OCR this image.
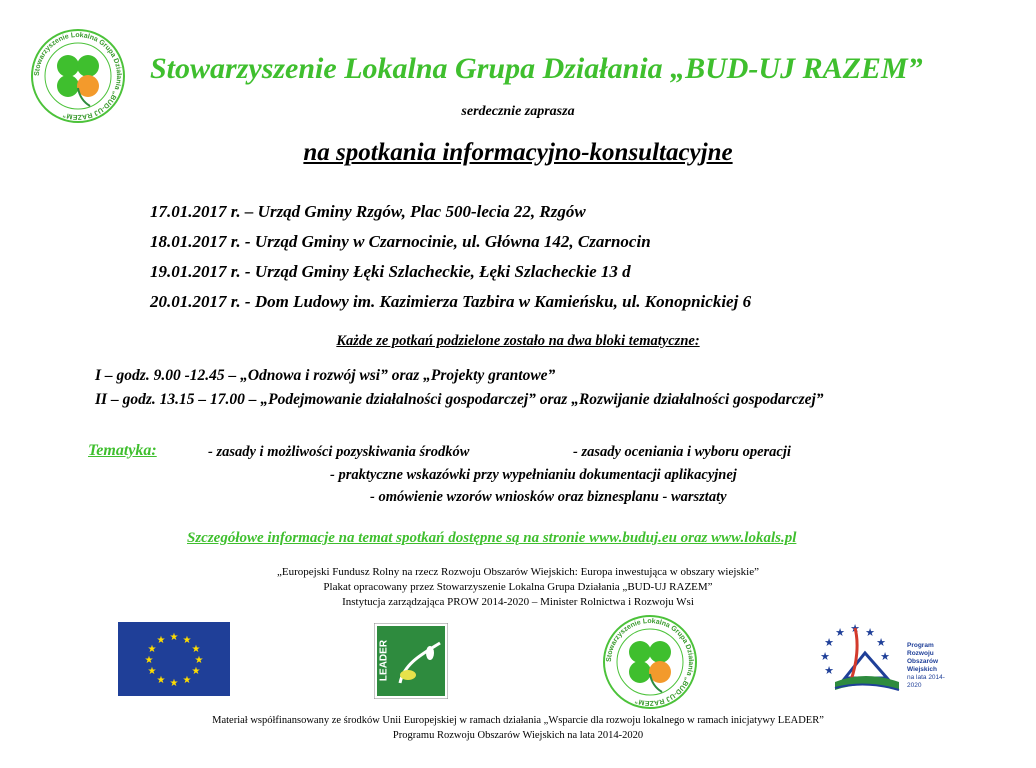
Stowarzyszenie Lokalna Grupa Działania „BUD-UJ RAZEM”
Stowarzyszenie Lokalna Grupa Działania „BUD-UJ RAZEM”
serdecznie zaprasza
na spotkania informacyjno-konsultacyjne
17.01.2017 r. – Urząd Gminy Rzgów, Plac 500-lecia 22, Rzgów
18.01.2017 r. - Urząd Gminy w Czarnocinie, ul. Główna 142, Czarnocin
19.01.2017 r. - Urząd Gminy Łęki Szlacheckie, Łęki Szlacheckie 13 d
20.01.2017 r. - Dom Ludowy im. Kazimierza Tazbira w Kamieńsku, ul. Konopnickiej 6
Każde ze potkań podzielone zostało na dwa bloki tematyczne:
I – godz. 9.00 -12.45 – „Odnowa i rozwój wsi” oraz „Projekty grantowe”
II – godz. 13.15 – 17.00 – „Podejmowanie działalności gospodarczej” oraz „Rozwijanie działalności gospodarczej”
Tematyka:	- zasady i możliwości pozyskiwania środków	- zasady oceniania i wyboru operacji
- praktyczne wskazówki przy wypełnianiu dokumentacji aplikacyjnej
- omówienie wzorów wniosków oraz biznesplanu - warsztaty
Szczegółowe informacje na temat spotkań dostępne są na stronie www.buduj.eu oraz www.lokals.pl
„Europejski Fundusz Rolny na rzecz Rozwoju Obszarów Wiejskich: Europa inwestująca w obszary wiejskie”
Plakat opracowany przez Stowarzyszenie Lokalna Grupa Działania „BUD-UJ RAZEM”
Instytucja zarządzająca PROW 2014-2020 – Minister Rolnictwa i Rozwoju Wsi
★ ★
★
★
★
★
★
★
★
★
★
★	LEADER	Stowarzyszenie Lokalna Grupa Działania „BUD-UJ RAZEM”
★ ★
★
★
★
★
★
★
Program
Rozwoju
Obszarów
Wiejskich
na lata 2014-2020
Materiał współfinansowany ze środków Unii Europejskiej w ramach działania „Wsparcie dla rozwoju lokalnego w ramach inicjatywy LEADER”
Programu Rozwoju Obszarów Wiejskich na lata 2014-2020
